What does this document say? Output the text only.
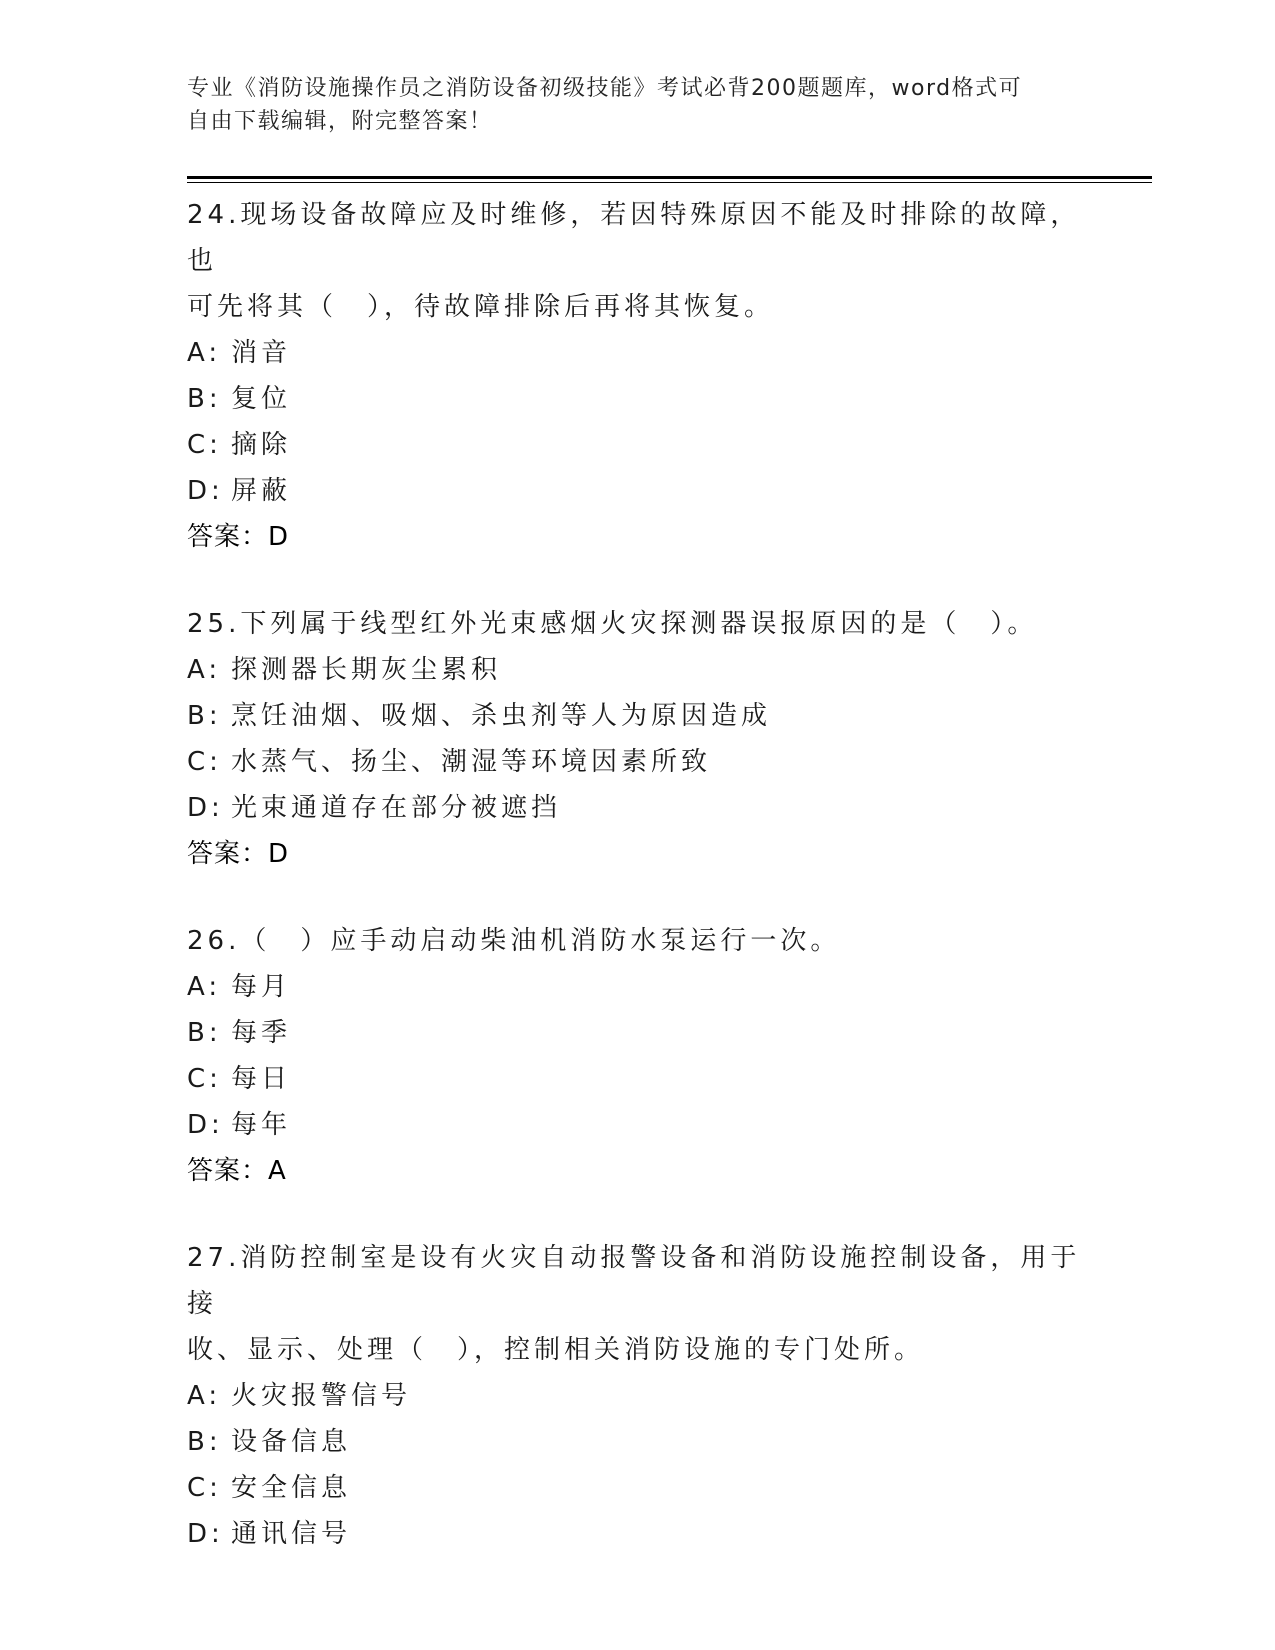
专业《消防设施操作员之消防设备初级技能》考试必背200题题库，word格式可
自由下载编辑，附完整答案！
24.现场设备故障应及时维修，若因特殊原因不能及时排除的故障，也
可先将其（　），待故障排除后再将其恢复。
A: 消音
B: 复位
C: 摘除
D: 屏蔽
答案：D
25.下列属于线型红外光束感烟火灾探测器误报原因的是（　）。
A: 探测器长期灰尘累积
B: 烹饪油烟、吸烟、杀虫剂等人为原因造成
C: 水蒸气、扬尘、潮湿等环境因素所致
D: 光束通道存在部分被遮挡
答案：D
26.（　）应手动启动柴油机消防水泵运行一次。
A: 每月
B: 每季
C: 每日
D: 每年
答案：A
27.消防控制室是设有火灾自动报警设备和消防设施控制设备，用于接
收、显示、处理（　），控制相关消防设施的专门处所。
A: 火灾报警信号
B: 设备信息
C: 安全信息
D: 通讯信号
